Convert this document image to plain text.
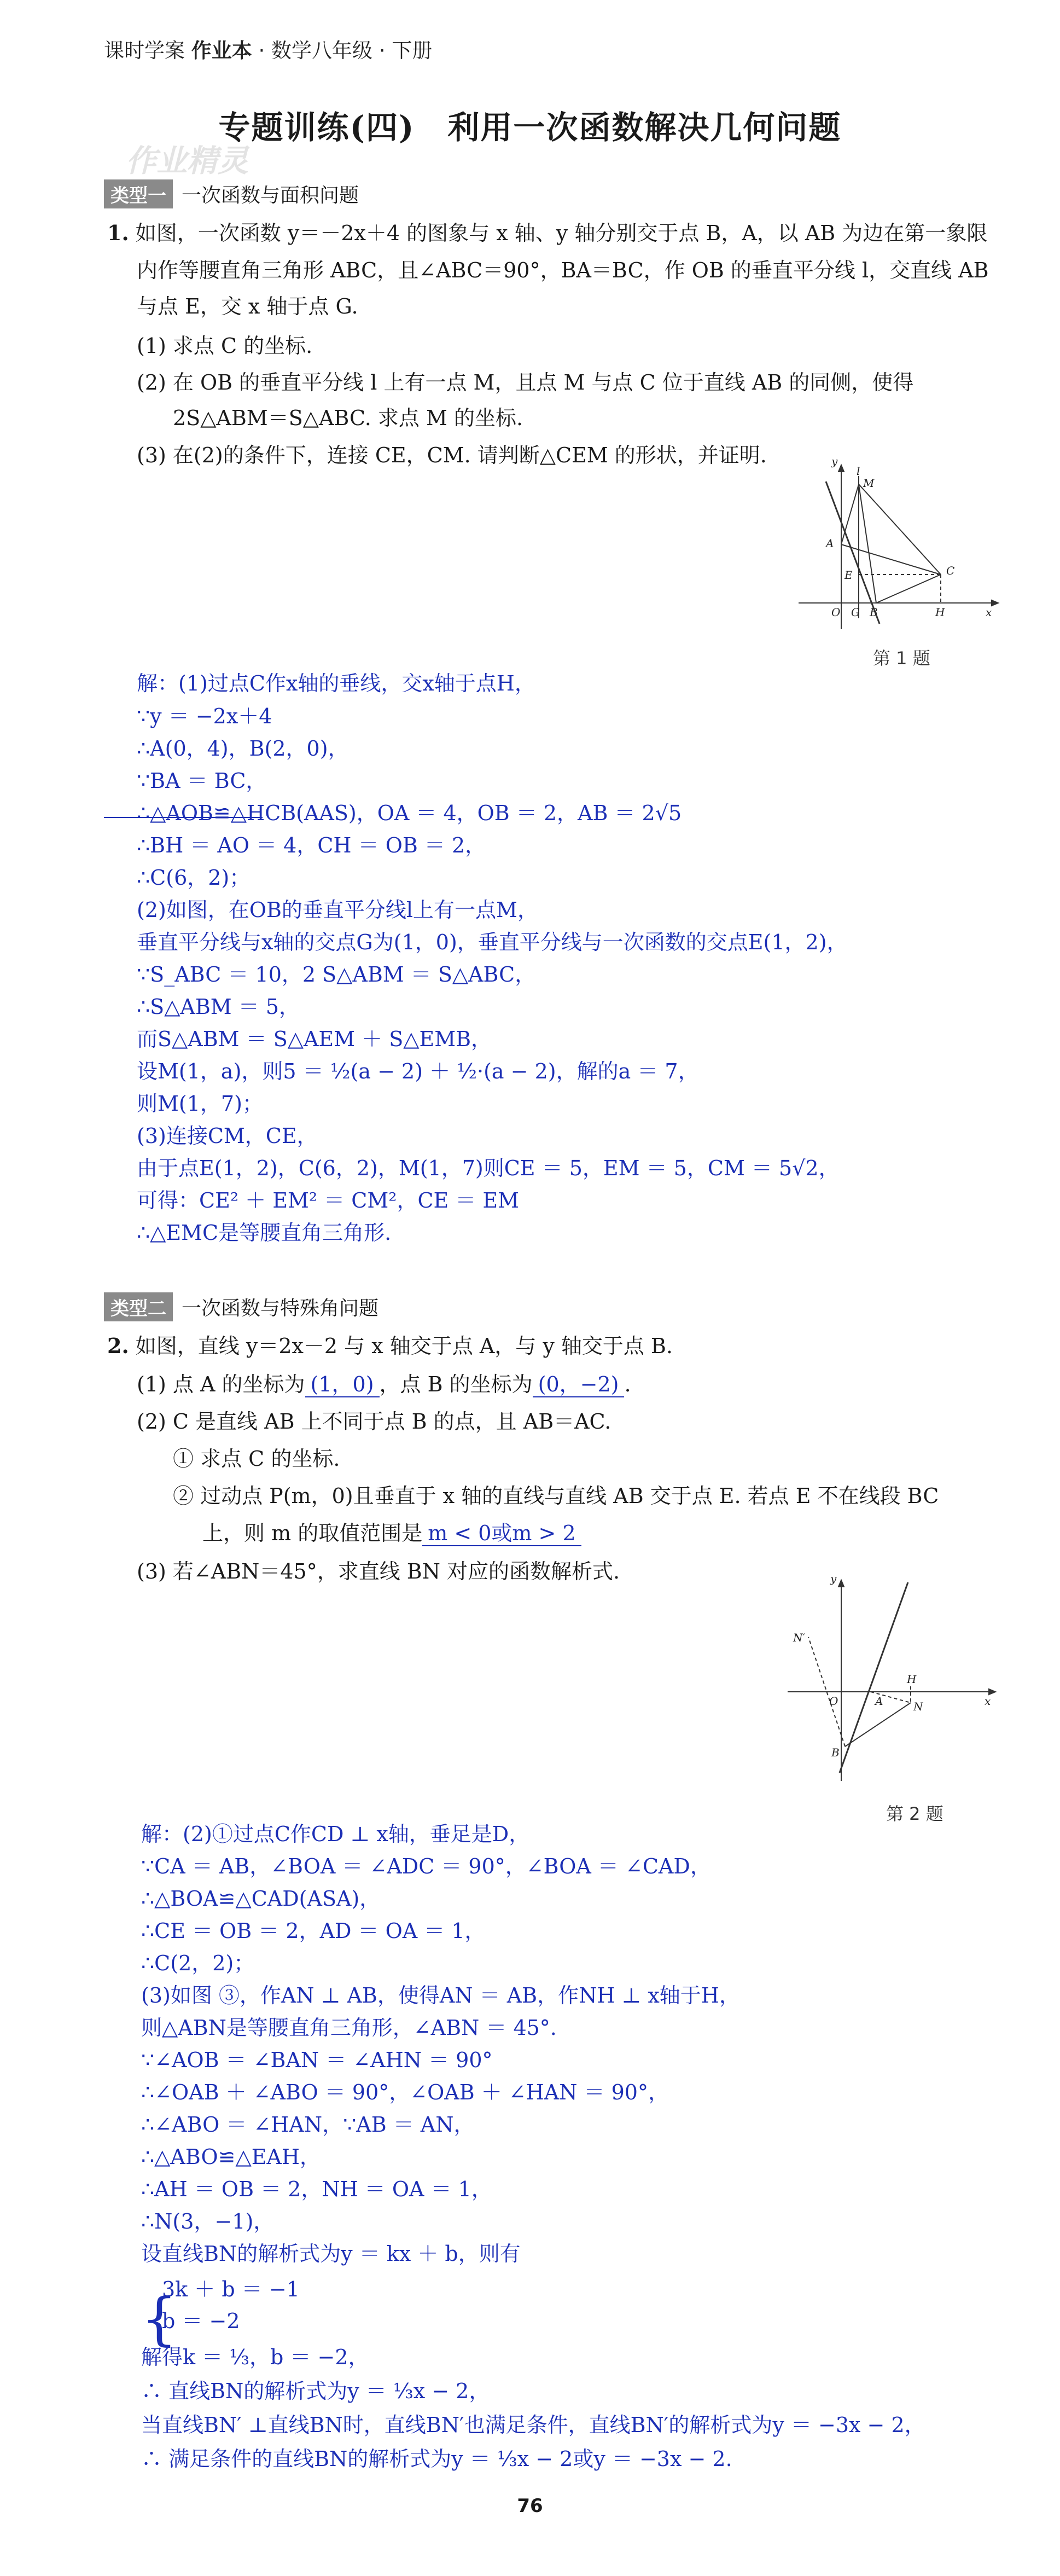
课时学案 作业本 · 数学八年级 · 下册
专题训练(四)　利用一次函数解决几何问题
作业精灵
类型一 一次函数与面积问题
1. 如图，一次函数 y＝－2x＋4 的图象与 x 轴、y 轴分别交于点 B，A，以 AB 为边在第一象限
内作等腰直角三角形 ABC，且∠ABC＝90°，BA＝BC，作 OB 的垂直平分线 l，交直线 AB
与点 E，交 x 轴于点 G.
(1) 求点 C 的坐标.
(2) 在 OB 的垂直平分线 l 上有一点 M，且点 M 与点 C 位于直线 AB 的同侧，使得
2S△ABM＝S△ABC. 求点 M 的坐标.
(3) 在(2)的条件下，连接 CE，CM. 请判断△CEM 的形状，并证明.	y
l
M
A
E	C
O G B	H	x
第 1 题
解：(1)过点C作x轴的垂线，交x轴于点H，
∵y ＝ −2x＋4
∴A(0，4)，B(2，0)，
∵BA ＝ BC，
∴△AOB≌△HCB(AAS)，OA ＝ 4，OB ＝ 2，AB ＝ 2√5
∴BH ＝ AO ＝ 4，CH ＝ OB ＝ 2，
∴C(6，2)；
(2)如图，在OB的垂直平分线l上有一点M，
垂直平分线与x轴的交点G为(1，0)，垂直平分线与一次函数的交点E(1，2)，
∵S_ABC ＝ 10，2 S△ABM ＝ S△ABC，
∴S△ABM ＝ 5，
而S△ABM ＝ S△AEM ＋ S△EMB，
设M(1，a)，则5 ＝ ½(a − 2) ＋ ½·(a − 2)，解的a ＝ 7，
则M(1，7)；
(3)连接CM，CE，
由于点E(1，2)，C(6，2)，M(1，7)则CE ＝ 5，EM ＝ 5，CM ＝ 5√2，
可得：CE² ＋ EM² ＝ CM²，CE ＝ EM
∴△EMC是等腰直角三角形.
类型二 一次函数与特殊角问题
2. 如图，直线 y＝2x－2 与 x 轴交于点 A，与 y 轴交于点 B.
(1) 点 A 的坐标为 (1，0) ，点 B 的坐标为 (0，−2) .
(2) C 是直线 AB 上不同于点 B 的点，且 AB＝AC.
① 求点 C 的坐标.
② 过动点 P(m，0)且垂直于 x 轴的直线与直线 AB 交于点 E. 若点 E 不在线段 BC
上，则 m 的取值范围是 m < 0或m > 2
(3) 若∠ABN＝45°，求直线 BN 对应的函数解析式.	y
N′
O	A
H
N	x
B
第 2 题
解：(2)①过点C作CD ⊥ x轴，垂足是D，
∵CA ＝ AB，∠BOA ＝ ∠ADC ＝ 90°，∠BOA ＝ ∠CAD，
∴△BOA≌△CAD(ASA)，
∴CE ＝ OB ＝ 2，AD ＝ OA ＝ 1，
∴C(2，2)；
(3)如图 ③，作AN ⊥ AB，使得AN ＝ AB，作NH ⊥ x轴于H，
则△ABN是等腰直角三角形，∠ABN ＝ 45°.
∵∠AOB ＝ ∠BAN ＝ ∠AHN ＝ 90°
∴∠OAB ＋ ∠ABO ＝ 90°，∠OAB ＋ ∠HAN ＝ 90°，
∴∠ABO ＝ ∠HAN，∵AB ＝ AN，
∴△ABO≌△EAH，
∴AH ＝ OB ＝ 2，NH ＝ OA ＝ 1，
∴N(3，−1)，
设直线BN的解析式为y ＝ kx ＋ b，则有
{
3k ＋ b ＝ −1
b ＝ −2
解得k ＝ ⅓，b ＝ −2，
∴ 直线BN的解析式为y ＝ ⅓x − 2，
当直线BN′ ⊥直线BN时，直线BN′也满足条件，直线BN′的解析式为y ＝ −3x − 2，
∴ 满足条件的直线BN的解析式为y ＝ ⅓x − 2或y ＝ −3x − 2.
76
